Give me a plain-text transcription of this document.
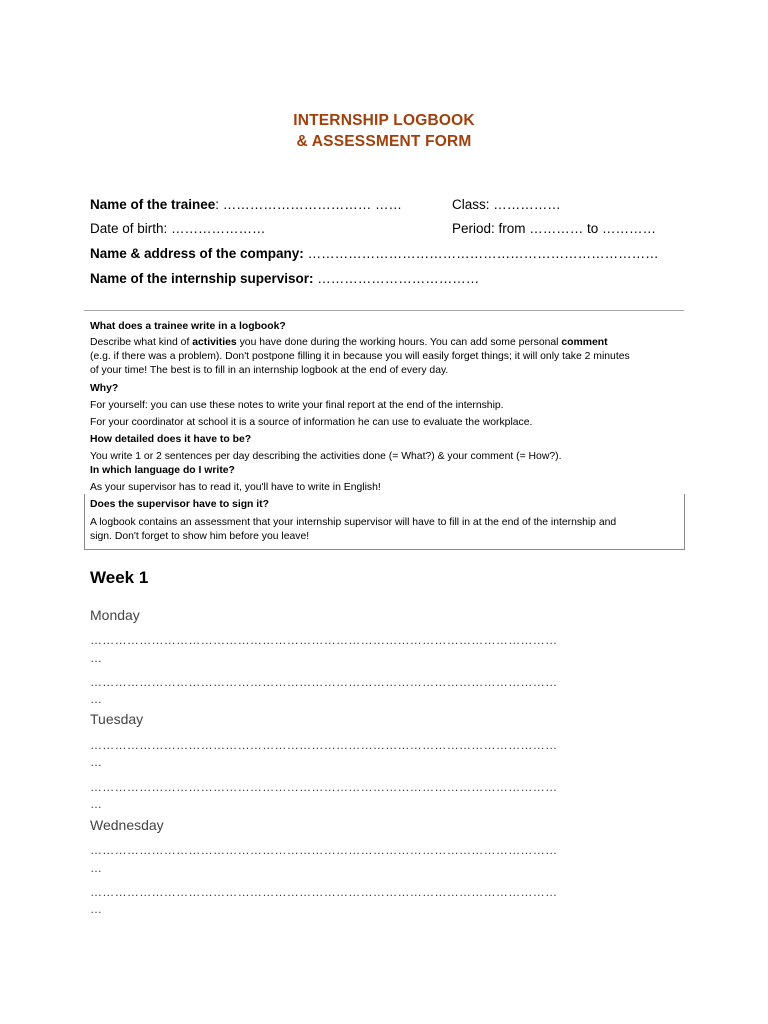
INTERNSHIP LOGBOOK
& ASSESSMENT FORM
Name of the trainee: …………………………… ……	Class: ……………
Date of birth: …………………	Period: from ………… to …………
Name & address of the company: ……………………………………………………………………
Name of the internship supervisor: ………………………………
What does a trainee write in a logbook?
Describe what kind of activities you have done during the working hours. You can add some personal comment
(e.g. if there was a problem). Don't postpone filling it in because you will easily forget things; it will only take 2 minutes
of your time! The best is to fill in an internship logbook at the end of every day.
Why?
For yourself: you can use these notes to write your final report at the end of the internship.
For your coordinator at school it is a source of information he can use to evaluate the workplace.
How detailed does it have to be?
You write 1 or 2 sentences per day describing the activities done (= What?) & your comment (= How?).
In which language do I write?
As your supervisor has to read it, you'll have to write in English!
Does the supervisor have to sign it?
A logbook contains an assessment that your internship supervisor will have to fill in at the end of the internship and
sign. Don't forget to show him before you leave!
Week 1
Monday
……………………………………………………………………………………………………
…
……………………………………………………………………………………………………
…
Tuesday
……………………………………………………………………………………………………
…
……………………………………………………………………………………………………
…
Wednesday
……………………………………………………………………………………………………
…
……………………………………………………………………………………………………
…
